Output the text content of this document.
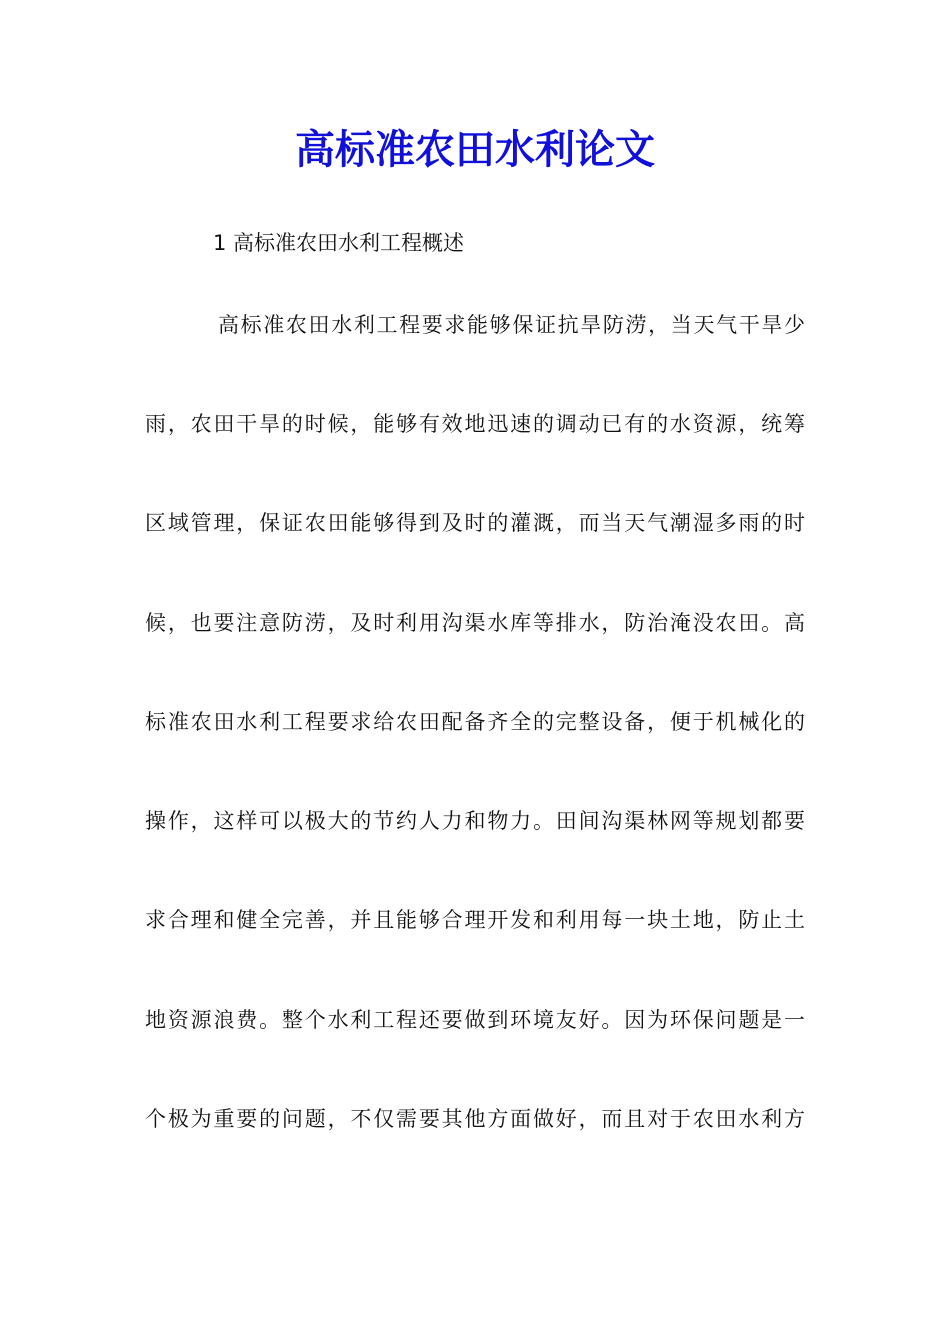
高标准农田水利论文

1 高标准农田水利工程概述

高标准农田水利工程要求能够保证抗旱防涝，当天气干旱少

雨，农田干旱的时候，能够有效地迅速的调动已有的水资源，统筹

区域管理，保证农田能够得到及时的灌溉，而当天气潮湿多雨的时

候，也要注意防涝，及时利用沟渠水库等排水，防治淹没农田。高

标准农田水利工程要求给农田配备齐全的完整设备，便于机械化的

操作，这样可以极大的节约人力和物力。田间沟渠林网等规划都要

求合理和健全完善，并且能够合理开发和利用每一块土地，防止土

地资源浪费。整个水利工程还要做到环境友好。因为环保问题是一

个极为重要的问题，不仅需要其他方面做好，而且对于农田水利方
